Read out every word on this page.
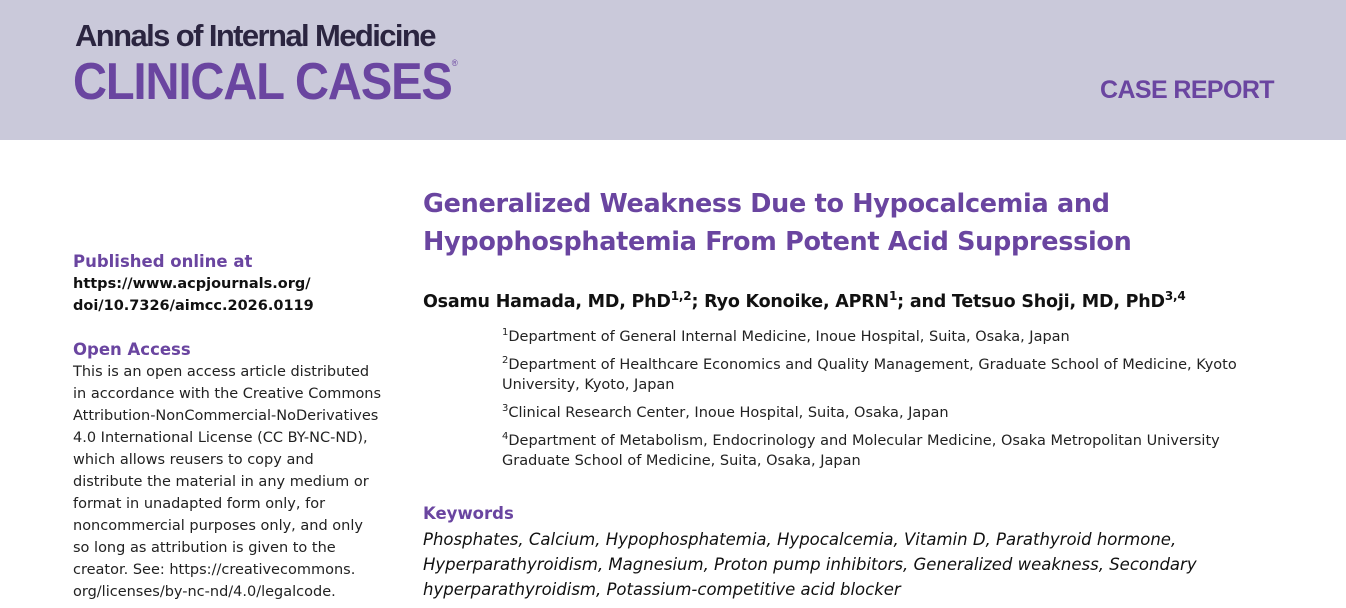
Annals of Internal Medicine
CLINICAL CASES®
CASE REPORT
Published online at
https://www.acpjournals.org/
doi/10.7326/aimcc.2026.0119
Open Access
This is an open access article distributed
in accordance with the Creative Commons
Attribution-NonCommercial-NoDerivatives
4.0 International License (CC BY-NC-ND),
which allows reusers to copy and
distribute the material in any medium or
format in unadapted form only, for
noncommercial purposes only, and only
so long as attribution is given to the
creator. See: https://creativecommons.
org/licenses/by-nc-nd/4.0/legalcode.
Generalized Weakness Due to Hypocalcemia and
Hypophosphatemia From Potent Acid Suppression
Osamu Hamada, MD, PhD$^{1,2}$; Ryo Konoike, APRN$^1$; and Tetsuo Shoji, MD, PhD$^{3,4}$
$^1$Department of General Internal Medicine, Inoue Hospital, Suita, Osaka, Japan
$^2$Department of Healthcare Economics and Quality Management, Graduate School of Medicine, Kyoto
University, Kyoto, Japan
$^3$Clinical Research Center, Inoue Hospital, Suita, Osaka, Japan
$^4$Department of Metabolism, Endocrinology and Molecular Medicine, Osaka Metropolitan University
Graduate School of Medicine, Suita, Osaka, Japan
Keywords
Phosphates, Calcium, Hypophosphatemia, Hypocalcemia, Vitamin D, Parathyroid hormone,
Hyperparathyroidism, Magnesium, Proton pump inhibitors, Generalized weakness, Secondary
hyperparathyroidism, Potassium-competitive acid blocker
